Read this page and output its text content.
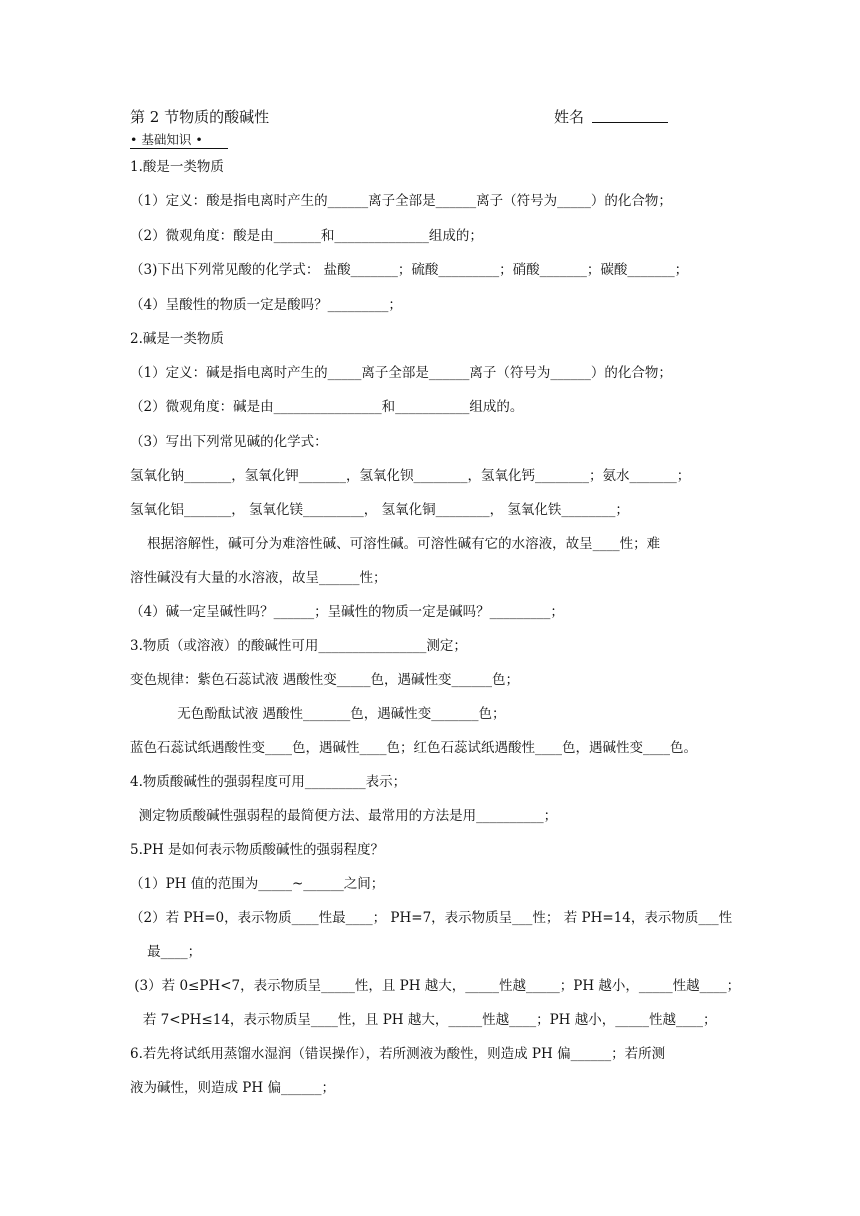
第 2 节物质的酸碱性	姓名
• 基础知识 •
1.酸是一类物质
（1）定义：酸是指电离时产生的______离子全部是______离子（符号为_____）的化合物；
（2）微观角度：酸是由_______和______________组成的；
（3)下出下列常见酸的化学式： 盐酸_______；硫酸_________；硝酸_______；碳酸_______；
（4）呈酸性的物质一定是酸吗？_________；
2.碱是一类物质
（1）定义：碱是指电离时产生的_____离子全部是______离子（符号为______）的化合物；
（2）微观角度：碱是由________________和___________组成的。
（3）写出下列常见碱的化学式：
氢氧化钠_______，氢氧化钾_______，氢氧化钡________，氢氧化钙________；氨水_______；
氢氧化铝_______， 氢氧化镁_________， 氢氧化铜________， 氢氧化铁________；
根据溶解性，碱可分为难溶性碱、可溶性碱。可溶性碱有它的水溶液，故呈____性；难
溶性碱没有大量的水溶液，故呈______性；
（4）碱一定呈碱性吗？______；呈碱性的物质一定是碱吗？_________；
3.物质（或溶液）的酸碱性可用________________测定；
变色规律：紫色石蕊试液 遇酸性变_____色，遇碱性变______色；
无色酚酞试液 遇酸性_______色，遇碱性变_______色；
蓝色石蕊试纸遇酸性变____色，遇碱性____色；红色石蕊试纸遇酸性____色，遇碱性变____色。
4.物质酸碱性的强弱程度可用_________表示；
测定物质酸碱性强弱程的最简便方法、最常用的方法是用__________；
5.PH 是如何表示物质酸碱性的强弱程度？
（1）PH 值的范围为_____~______之间；
（2）若 PH=0，表示物质____性最____； PH=7，表示物质呈___性； 若 PH=14，表示物质___性
最____；
(3）若 0≤PH<7，表示物质呈_____性，且 PH 越大，_____性越_____；PH 越小，_____性越____；
若 7<PH≤14，表示物质呈____性，且 PH 越大，_____性越____；PH 越小，_____性越____；
6.若先将试纸用蒸馏水湿润（错误操作），若所测液为酸性，则造成 PH 偏______；若所测
液为碱性，则造成 PH 偏______；
